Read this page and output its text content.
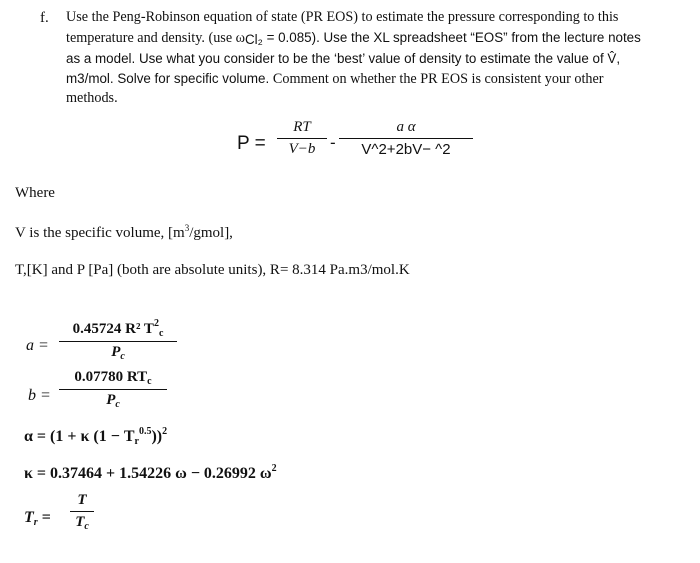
f. Use the Peng-Robinson equation of state (PR EOS) to estimate the pressure corresponding to this
temperature and density. (use ωCl₂ = 0.085). Use the XL spreadsheet “EOS” from the lecture notes
as a model. Use what you consider to be the ‘best’ value of density to estimate the value of V̂,
m3/mol. Solve for specific volume. Comment on whether the PR EOS is consistent your other
methods.
P =
RT
V−b -
a α
V^2+2bV− ^2
Where
V is the specific volume, $[m^3/gmol]$,
T,[K] and P [Pa] (both are absolute units), R= 8.314 Pa.m3/mol.K
a =
0.45724 R² $T^2_c$
$P_c$
b =
0.07780 $RT_c$
$P_c$
α = (1 + κ $(1 - T_r^{0.5}))^2$
κ = 0.37464 + 1.54226 ω − 0.26992 $\omega^2$
$T_r$ =
T
$T_c$
